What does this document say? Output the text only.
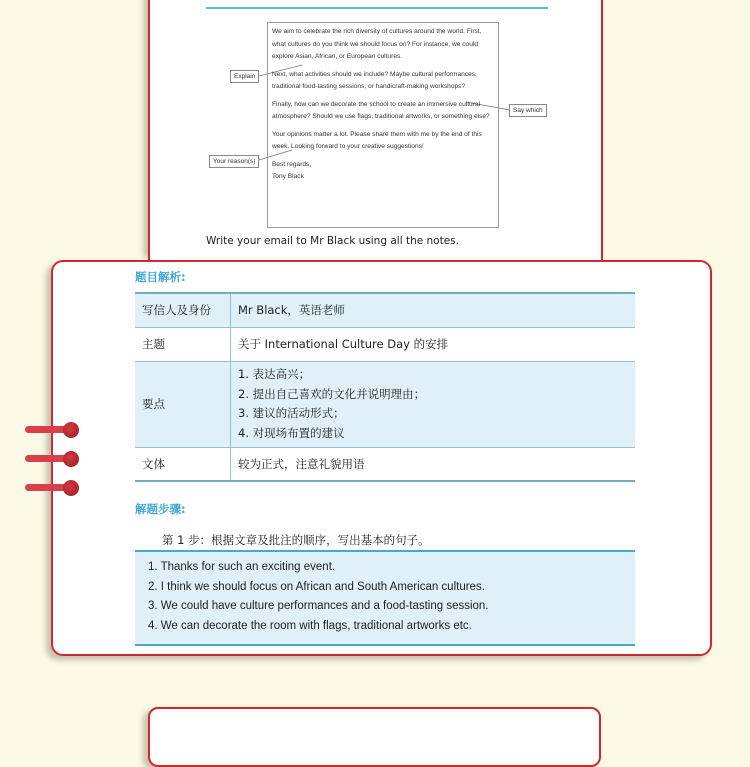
We aim to celebrate the rich diversity of cultures around the world. First, what cultures do you think we should focus on? For instance, we could explore Asian, African, or European cultures.

Next, what activities should we include? Maybe cultural performances, traditional food-tasting sessions, or handicraft-making workshops?

Finally, how can we decorate the school to create an immersive cultural atmosphere? Should we use flags, traditional artworks, or something else?

Your opinions matter a lot. Please share them with me by the end of this week. Looking forward to your creative suggestions!

Best regards,
Tony Black
Explain
Say which
Your reason(s)
Write your email to Mr Black using all the notes.
题目解析:
写信人及身份	Mr Black，英语老师
主题	关于 International Culture Day 的安排
要点	1. 表达高兴；
2. 提出自己喜欢的文化并说明理由；
3. 建议的活动形式；
4. 对现场布置的建议

文体	较为正式，注意礼貌用语
解题步骤:
第 1 步：根据文章及批注的顺序，写出基本的句子。
1. Thanks for such an exciting event.
2. I think we should focus on African and South American cultures.
3. We could have culture performances and a food-tasting session.
4. We can decorate the room with flags, traditional artworks etc.
